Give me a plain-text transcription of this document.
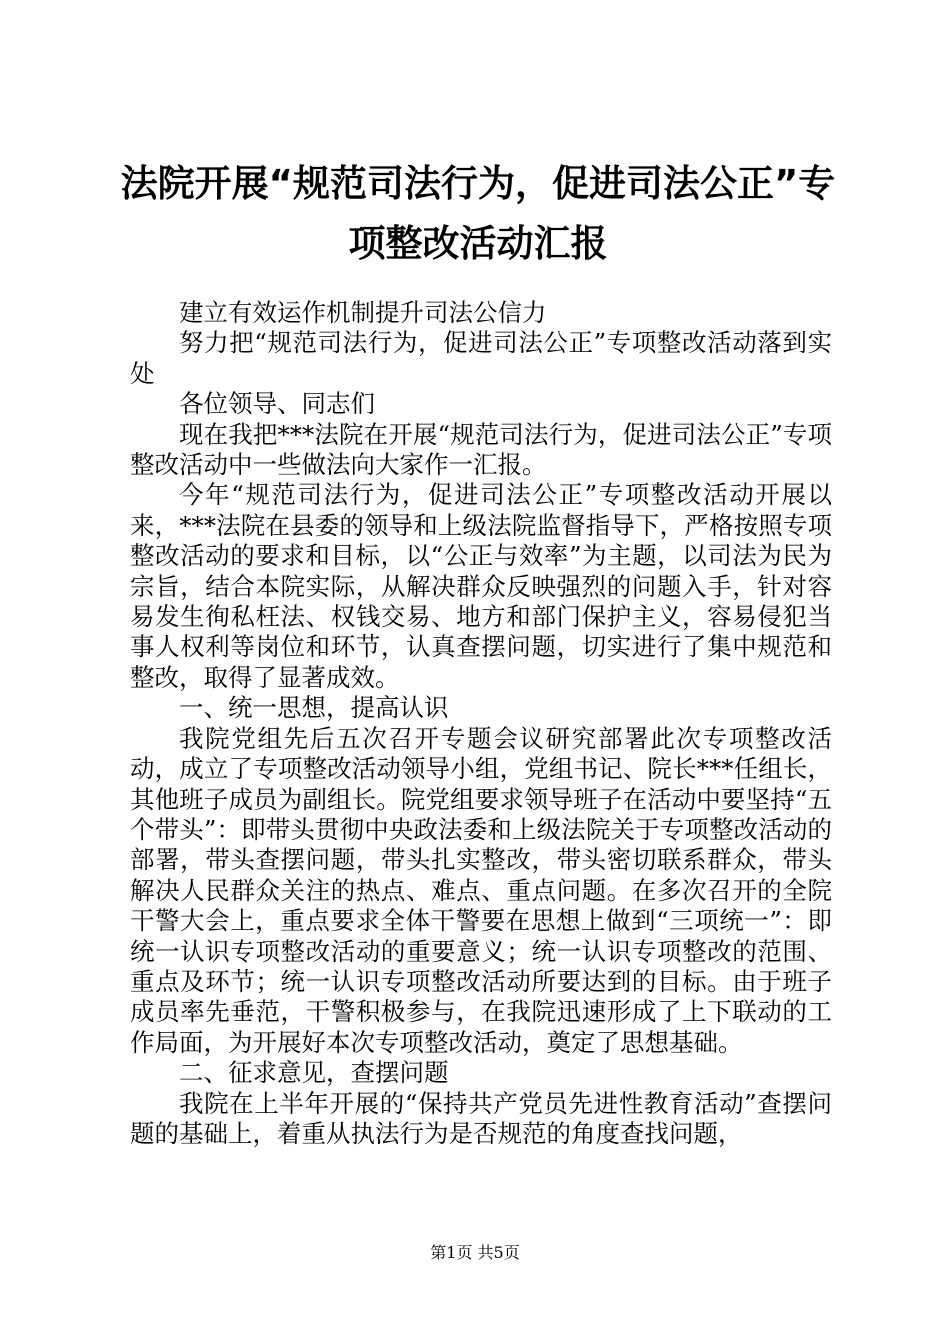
法院开展“规范司法行为，促进司法公正”专
项整改活动汇报

建立有效运作机制提升司法公信力

努力把“规范司法行为，促进司法公正”专项整改活动落到实处

各位领导、同志们

现在我把***法院在开展“规范司法行为，促进司法公正”专项整改活动中一些做法向大家作一汇报。

今年“规范司法行为，促进司法公正”专项整改活动开展以来，***法院在县委的领导和上级法院监督指导下，严格按照专项整改活动的要求和目标，以“公正与效率”为主题，以司法为民为宗旨，结合本院实际，从解决群众反映强烈的问题入手，针对容易发生徇私枉法、权钱交易、地方和部门保护主义，容易侵犯当事人权利等岗位和环节，认真查摆问题，切实进行了集中规范和整改，取得了显著成效。

一、统一思想，提高认识

我院党组先后五次召开专题会议研究部署此次专项整改活动，成立了专项整改活动领导小组，党组书记、院长***任组长，其他班子成员为副组长。院党组要求领导班子在活动中要坚持“五个带头”：即带头贯彻中央政法委和上级法院关于专项整改活动的部署，带头查摆问题，带头扎实整改，带头密切联系群众，带头解决人民群众关注的热点、难点、重点问题。在多次召开的全院干警大会上，重点要求全体干警要在思想上做到“三项统一”：即统一认识专项整改活动的重要意义；统一认识专项整改的范围、重点及环节；统一认识专项整改活动所要达到的目标。由于班子成员率先垂范，干警积极参与，在我院迅速形成了上下联动的工作局面，为开展好本次专项整改活动，奠定了思想基础。

二、征求意见，查摆问题

我院在上半年开展的“保持共产党员先进性教育活动”查摆问题的基础上，着重从执法行为是否规范的角度查找问题，

第1页 共5页
